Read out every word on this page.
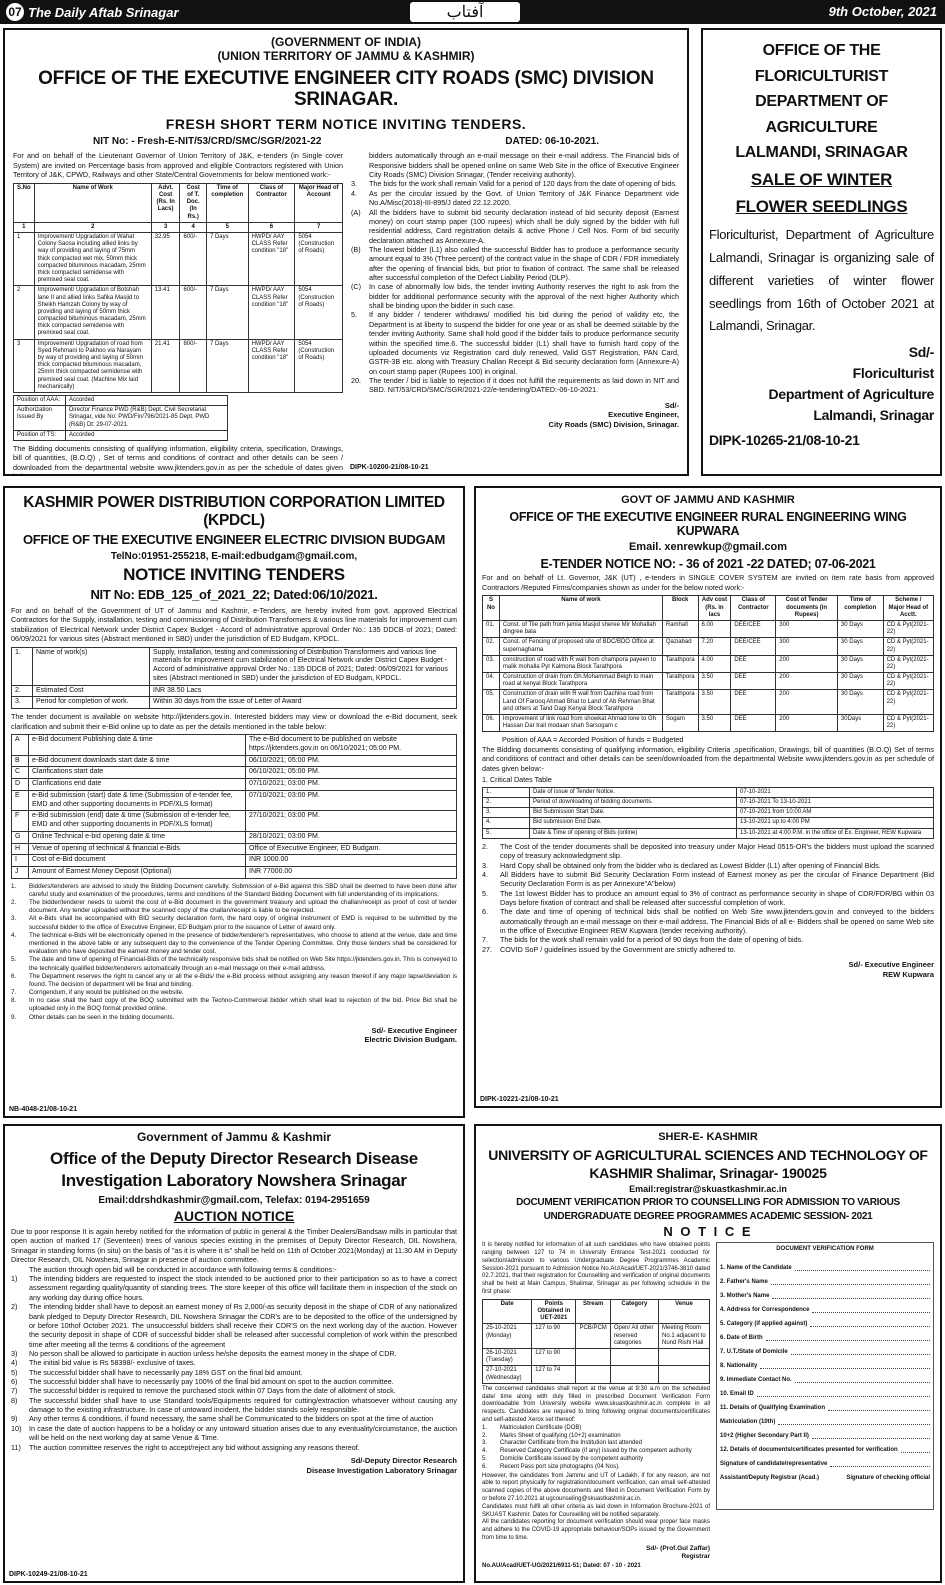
07 The Daily Aftab Srinagar	آفتاب	9th October, 2021
(GOVERNMENT OF INDIA)
(UNION TERRITORY OF JAMMU & KASHMIR)
OFFICE OF THE EXECUTIVE ENGINEER CITY ROADS (SMC) DIVISION SRINAGAR.
FRESH SHORT TERM NOTICE INVITING TENDERS.
NIT No: - Fresh-E-NIT/53/CRD/SMC/SGR/2021-22	DATED: 06-10-2021.
For and on behalf of the Lieutenant Governor of Union Territory of J&K, e-tenders (in Single cover System) are invited on Percentage basis from approved and eligible Contractors registered with Union Territory of J&K, CPWD, Railways and other State/Central Governments for below mentioned work:-
S.No	Name of Work	Advt. Cost (Rs. In Lacs)	Cost of T. Doc. (In Rs.)	Time of completion	Class of Contractor	Major Head of Account
1	2	3	4	5	6	7
1	Improvement/ Upgradation of Wahat Colony Saosa including allied links by way of providing and laying of 75mm thick compacted wet mix, 50mm thick compacted bituminous macadam, 25mm thick compacted semidense with premixed seal coat.	32.95	600/-	7 Days	HWPD/ AAY CLASS Refer condition "18"	5054 (Construction of Roads)
2	Improvement/ Upgradation of Botshah lane II and allied links Safika Masjid to Sheikh Hamzah Colony by way of providing and laying of 50mm thick compacted bituminous macadam, 25mm thick compacted semidense with premixed seal coat.	13.41	600/-	7 Days	HWPD/ AAY CLASS Refer condition "18"	5054 (Construction of Roads)
3	Improvement/ Upgradation of road from Syed Rehmani to Pakhoo via Narayam by way of providing and laying of 50mm thick compacted bituminous macadam, 25mm thick compacted semidense with premixed seal coat. (Machine Mix laid mechanically)	21.41	800/-	7 Days	HWPD/ AAY CLASS Refer condition "18"	5054 (Construction of Roads)
Position of AAA:	Accorded
Authorization Issued By	Director Finance PWD (R&B) Dept. Civil Secretariat Srinagar, vide No: PWD/Fin/796/2021-85 Dept. PWD (R&B) Dt: 29-07-2021.
Position of TS:	Accorded
The Bidding documents consisting of qualifying information, eligibility criteria, specification, Drawings, bill of quantities, (B.O.Q) , Set of terms and conditions of contract and other details can be seen / downloaded from the departmental website www.jktenders.gov.in as per the schedule of dates given

bidders automatically through an e-mail message on their e-mail address. The Financial bids of Responsive bidders shall be opened online on same Web Site in the office of Executive Engineer City Roads (SMC) Division Srinagar, (Tender receiving authority).
3.	The bids for the work shall remain Valid for a period of 120 days from the date of opening of bids.
4.	As per the circular issued by the Govt. of Union Territory of J&K Finance Department vide No.A/Misc(2018)-III-895/J dated 22.12.2020.
(A)	All the bidders have to submit bid security declaration instead of bid security deposit (Earnest money) on court stamp paper (100 rupees) which shall be duly signed by the bidder with full residential address, Card registration details & active Phone / Cell Nos. Form of bid security declaration attached as Annexure-A.
(B)	The lowest bidder (L1) also called the successful Bidder has to produce a performance security amount equal to 3% (Three percent) of the contract value in the shape of CDR / FDR immediately after the opening of financial bids, but prior to fixation of contract. The same shall be released after successful completion of the Defect Liability Period (DLP).
(C)	In case of abnormally low bids, the tender inviting Authority reserves the right to ask from the bidder for additional performance security with the approval of the next higher Authority which shall be binding upon the bidder in such case.
5.	If any bidder / tenderer withdraws/ modified his bid during the period of validity etc, the Department is at liberty to suspend the bidder for one year or as shall be deemed suitable by the tender inviting Authority. Same shall hold good if the bidder fails to produce performance security within the specified time.6. The successful bidder (L1) shall have to furnish hard copy of the uploaded documents viz Registration card duly renewed, Valid GST Registration, PAN Card, GSTR-3B etc. along with Treasury Challan Receipt & Bid security declaration form (Annexure-A) on court stamp paper (Rupees 100) in original.
20.	The tender / bid is liable to rejection if it does not fulfill the requirements as laid down in NIT and SBD. NIT/53/CRD/SMC/SGR/2021-22/e-tendering/DATED:-06-10-2021.
Sd/-
Executive Engineer,
City Roads (SMC) Division, Srinagar.
DIPK-10200-21/08-10-21
OFFICE OF THE
FLORICULTURIST
DEPARTMENT OF AGRICULTURE
LALMANDI, SRINAGAR
SALE OF WINTER
FLOWER SEEDLINGS
Floriculturist, Department of Agriculture Lalmandi, Srinagar is organizing sale of different varieties of winter flower seedlings from 16th of October 2021 at Lalmandi, Srinagar.
Sd/-
Floriculturist
Department of Agriculture
Lalmandi, Srinagar
DIPK-10265-21/08-10-21
KASHMIR POWER DISTRIBUTION CORPORATION LIMITED (KPDCL)
OFFICE OF THE EXECUTIVE ENGINEER ELECTRIC DIVISION BUDGAM
TelNo:01951-255218, E-mail:edbudgam@gmail.com,
NOTICE INVITING TENDERS
NIT No: EDB_125_of_2021_22; Dated:06/10/2021.
For and on behalf of the Government of UT of Jammu and Kashmir, e-Tenders, are hereby invited from govt. approved Electrical Contractors for the Supply, installation, testing and commissioning of Distribution Transformers & various line materials for improvement cum stabilization of Electrical Network under District Capex Budget - Accord of administrative approval Order No.: 135 DDCB of 2021; Dated: 06/09/2021 for various sites (Abstract mentioned in SBD) under the jurisdiction of ED Budgam, KPDCL.
1.	Name of work(s)	Supply, installation, testing and commissioning of Distribution Transformers and various line materials for improvement cum stabilization of Electrical Network under District Capex Budget - Accord of administrative approval Order No.: 135 DDCB of 2021; Dated: 06/09/2021 for various sites (Abstract mentioned in SBD) under the jurisdiction of ED Budgam, KPDCL.
2.	Estimated Cost	INR 38.50 Lacs
3.	Period for completion of work.	Within 30 days from the issue of Letter of Award
The tender document is available on website http://jktenders.gov.in. Interested bidders may view or download the e-Bid document, seek clarification and submit their e-Bid online up to date as per the details mentioned in the table below:
A	e-Bid document Publishing date & time	The e-Bid document to be published on website https://jktenders.gov.in on 06/10/2021; 05:00 PM.
B	e-Bid document downloads start date & time	06/10/2021; 05:00 PM.
C	Clarifications start date	06/10/2021; 05:00 PM.
D	Clarifications end date	07/10/2021; 03:00 PM.
E	e-Bid submission (start) date & time (Submission of e-tender fee, EMD and other supporting documents in PDF/XLS format)	07/10/2021; 03:00 PM.
F	e-Bid submission (end) date & time (Submission of e-tender fee, EMD and other supporting documents in PDF/XLS format)	27/10/2021; 03:00 PM.
G	Online Technical e-bid opening date & time	28/10/2021; 03:00 PM.
H	Venue of opening of technical & financial e-Bids	Office of Executive Engineer, ED Budgam.
I	Cost of e-Bid document	INR 1000.00
J	Amount of Earnest Money Deposit (Optional)	INR 77000.00
1.	Bidders/tenderers are advised to study the Bidding Document carefully. Submission of e-Bid against this SBD shall be deemed to have been done after careful study and examination of the procedures, terms and conditions of the Standard Bidding Document with full understanding of its implications.
2.	The bidder/tenderer needs to submit the cost of e-Bid document in the government treasury and upload the challan/receipt as proof of cost of tender document. Any tender uploaded without the scanned copy of the challan/receipt is liable to be rejected.
3.	All e-Bids shall be accompanied with BID security declaration form, the hard copy of original instrument of EMD is required to be submitted by the successful bidder to the office of Executive Engineer, ED Budgam prior to the issuance of Letter of award only.
4.	The technical e-Bids will be electronically opened in the presence of bidder/tenderer's representatives, who choose to attend at the venue, date and time mentioned in the above table or any subsequent day to the convenience of the Tender Opening Committee. Only those tenders shall be considered for evaluation who have deposited the earnest money and tender cost.
5.	The date and time of opening of Financial-Bids of the technically responsive bids shall be notified on Web Site https://jktenders.gov.in. This is conveyed to the technically qualified bidder/tenderers automatically through an e-mail message on their e-mail address.
6.	The Department reserves the right to cancel any or all the e-Bids/ the e-Bid process without assigning any reason thereof if any major lapse/deviation is found. The decision of department will be final and binding.
7.	Corrigendum, if any would be published on the website.
8.	In no case shall the hard copy of the BOQ submitted with the Techno-Commercial bidder which shall lead to rejection of the bid. Price Bid shall be uploaded only in the BOQ format provided online.
9.	Other details can be seen in the bidding documents.
Sd/- Executive Engineer
Electric Division Budgam.
NB-4048-21/08-10-21
GOVT OF JAMMU AND KASHMIR
OFFICE OF THE EXECUTIVE ENGINEER RURAL ENGINEERING WING KUPWARA
Email. xenrewkup@gmail.com
E-TENDER NOTICE NO: - 36 of 2021 -22 DATED; 07-06-2021
For and on behalf of Lt. Governor, J&K (UT) , e-tenders in SINGLE COVER SYSTEM are invited on item rate basis from approved Contractors /Reputed Firms/companies shown as under for the below noted work:-
S No	Name of work	Block	Adv cost (Rs. in lacs	Class of Contractor	Cost of Tender documents (in Rupees)	Time of completion	Scheme / Major Head of Acctt.
01.	Const. of Tile path from jamia Masjid sheree Mir Mohallah dingree bala	Ramhall	6.00	DEE/CEE	300	30 Days	CD & Pyt(2021-22)
02.	Const. of Fencing of proposed site of BDC/BDO Office at supernagharna	Qaziabad	7.20	DEE/CEE	300	30 Days	CD & Pyt(2021-22)
03.	construction of road with R wall from champora payeen to malik mohalla Pyt Kalmona Block Tarathpora	Tarathpora	4.00	DEE	200	30 Days	CD & Pyt(2021-22)
04.	Construction of drain from Gh.Mohammad Beigh to main road at kenyal Block Tarathpora	Tarathpora	3.50	DEE	200	30 Days	CD & Pyt(2021-22)
05.	Construction of drain with R wall from Dachina road from Land Of Farooq Ahmad Bhat to Land of Ab Rehman Bhat and others at Tand Dagi Kenyal Block Tarathpora	Tarathpora	3.50	DEE	200	30 Days	CD & Pyt(2021-22)
06.	Improvement of link road from showkat Ahmad lone to Gh Hassan Dar trail modaan shah Sarsogam c	Sogam	3.50	DEE	200	30Days	CD & Pyt(2021-22)
Position of AAA = Accorded Position of funds = Budgeted
The Bidding documents consisting of qualifying information, eligibility Criteria ,specification, Drawings, bill of quantities (B.O.Q) Set of terms and conditions of contract and other details can be seen/downloaded from the departmental Website www.jktenders.gov.in as per schedule of dates given below:-
1. Critical Dates Table
1.	Date of issue of Tender Notice.	07-10-2021
2.	Period of downloading of bidding documents.	07-10-2021 To 13-10-2021
3.	Bid Submission Start Date.	07-10-2021 from 10:00 AM
4.	Bid submission End Date.	13-10-2021 up to 4:00 PM
5.	Date & Time of opening of Bids (online)	13-10-2021 at 4:00 P.M. in the office of Ex. Engineer, REW Kupwara
2.	The Cost of the tender documents shall be deposited into treasury under Major Head 0515-OR's the bidders must upload the scanned copy of treasury acknowledgment slip.
3.	Hard Copy shall be obtained only from the bidder who is declared as Lowest Bidder (L1) after opening of Financial Bids.
4.	All Bidders have to submit Bid Security Declaration Form instead of Earnest money as per the circular of Finance Department (Bid Security Declaration Form is as per Annexure"A"below)
5.	The 1st lowest Bidder has to produce an amount equal to 3% of contract as performance security in shape of CDR/FDR/BG within 03 Days before fixation of contract and shall be released after successful completion of work.
6.	The date and time of opening of technical bids shall be notified on Web Site www.jktenders.gov.in and conveyed to the bidders automatically through an e-mail message on their e-mail address. The Financial Bids of all e- Bidders shall be opened on same Web site in the office of Executive Engineer REW Kupwara (tender receiving authority).
7.	The bids for the work shall remain valid for a period of 90 days from the date of opening of bids.
27.	COVID SoP / guidelines issued by the Government are strictly adhered to.
Sd/- Executive Engineer
REW Kupwara
DIPK-10221-21/08-10-21
Government of Jammu & Kashmir
Office of the Deputy Director Research Disease Investigation Laboratory Nowshera Srinagar
Email:ddrshdkashmir@gmail.com, Telefax: 0194-2951659
AUCTION NOTICE
Due to poor response It is again hereby notified for the information of public in general & the Timber Dealers/Bandsaw mills in particular that open auction of marked 17 (Seventeen) trees of various species existing in the premises of Deputy Director Research, DIL Nowshera, Srinagar in standing forms (in situ) on the basis of "as it is where it is" shall be held on 11th of October 2021(Monday) at 11:30 AM in Deputy Director Research, DIL Nowshera, Srinagar in presence of auction committee.
The auction through open bid will be conducted in accordance with following terms & conditions:-
1)	The intending bidders are requested to inspect the stock intended to be auctioned prior to their participation so as to have a correct assessment regarding quality/quantity of standing trees. The store keeper of this office will facilitate them in inspection of the stock on any working day during office hours.
2)	The intending bidder shall have to deposit an earnest money of Rs 2,000/-as security deposit in the shape of CDR of any nationalized bank pledged to Deputy Director Research, DIL Nowshera Srinagar the CDR's are to be deposited to the office of the undersigned by or before 10thof October 2021. The unsuccessful bidders shall receive their CDR'S on the next working day of the auction. However the security deposit in shape of CDR of successful bidder shall be released after successful completion of work within the prescribed time after meeting all the terms & conditions of the agreement
3)	No person shall be allowed to participate in auction unless he/she deposits the earnest money in the shape of CDR.
4)	The initial bid value is Rs 58398/- exclusive of taxes.
5)	The successful bidder shall have to necessarily pay 18% GST on the final bid amount.
6)	The successful bidder shall have to necessarily pay 100% of the final bid amount on spot to the auction committee.
7)	The successful bidder is required to remove the purchased stock within 07 Days from the date of allotment of stock.
8)	The successful bidder shall have to use Standard tools/Equipments required for cutting/extraction whatsoever without causing any damage to the existing infrastructure. In case of untoward incident, the bidder stands solely responsible.
9)	Any other terms & conditions, if found necessary, the same shall be Communicated to the bidders on spot at the time of auction
10)	In case the date of auction happens to be a holiday or any untoward situation arises due to any eventuality/circumstance, the auction will be held on the next working day at same Venue & Time.
11)	The auction committee reserves the right to accept/reject any bid without assigning any reasons thereof.
Sd/-Deputy Director Research
Disease Investigation Laboratory Srinagar
DIPK-10249-21/08-10-21
SHER-E- KASHMIR
UNIVERSITY OF AGRICULTURAL SCIENCES AND TECHNOLOGY OF KASHMIR Shalimar, Srinagar- 190025
Email:registrar@skuastkashmir.ac.in
DOCUMENT VERIFICATION PRIOR TO COUNSELLING FOR ADMISSION TO VARIOUS UNDERGRADUATE DEGREE PROGRAMMES ACADEMIC SESSION- 2021
N O T I C E
It is hereby notified for information of all such candidates who have obtained points ranging between 127 to 74 in University Entrance Test-2021 conducted for selection/admission to various Undergraduate Degree Programmes Academic Session-2021 pursuant to Admission Notice No.AU/Acad/UET-2021/3746-3810 dated 02.7.2021, that their registration for Counselling and verification of original documents shall be held at Main Campus, Shalimar, Srinagar as per following schedule in the first phase:
Date	Points Obtained in UET-2021	Stream	Category	Venue
25-10-2021 (Monday)	127 to 90	PCB/PCM	Open/ All other reserved categories	Meeting Room No.1 adjacent to Nund Rishi Hall
26-10-2021 (Tuesday)	127 to 90			
27-10-2021 (Wednesday)	127 to 74			
The concerned candidates shall report at the venue at 9:30 a.m on the scheduled date/ time along with duly filled in prescribed Document Verification Form downloadable from University website www.skuastkashmir.ac.in complete in all respects. Candidates are required to bring following original documents/certificates and self-attested Xerox set thereof:
1.	Matriculation Certificate (DOB)
2.	Marks Sheet of qualifying (10+2) examination
3.	Character Certificate from the Institution last attended
4.	Reserved Category Certificate (if any) issued by the competent authority
5.	Domicile Certificate issued by the competent authority
6.	Recent Pass port size photographs (04 Nos).
However, the candidates from Jammu and UT of Ladakh, if for any reason, are not able to report physically for registration/document verification, can email self-attested scanned copies of the above documents and filled in Document Verification Form by or before 27.10.2021 at ugcounseling@skuastkashmir.ac.in.
Candidates must fulfil all other criteria as laid down in Information Brochure-2021 of SKUAST Kashmir. Dates for Counselling will be notified separately.
All the candidates reporting for document verification should wear proper face masks and adhere to the COVID-19 appropriate behaviour/SOPs issued by the Government from time to time.
Sd/- (Prof.Gul Zaffar)
Registrar
No.AU/Acad/UET-UG/2021/6911-51; Dated: 07 - 10 - 2021
DOCUMENT VERIFICATION FORM
1. Name of the Candidate
2. Father's Name
3. Mother's Name
4. Address for Correspondence
5. Category (if applied against)
6. Date of Birth
7. U.T./State of Domicile
8. Nationality
9. Immediate Contact No.
10. Email ID
11. Details of Qualifying Examination
Matriculation (10th)
10+2 (Higher Secondary Part II)
12. Details of documents/certificates presented for verification
Signature of candidate/representative
Assistant/Deputy Registrar (Acad.)	Signature of checking official
